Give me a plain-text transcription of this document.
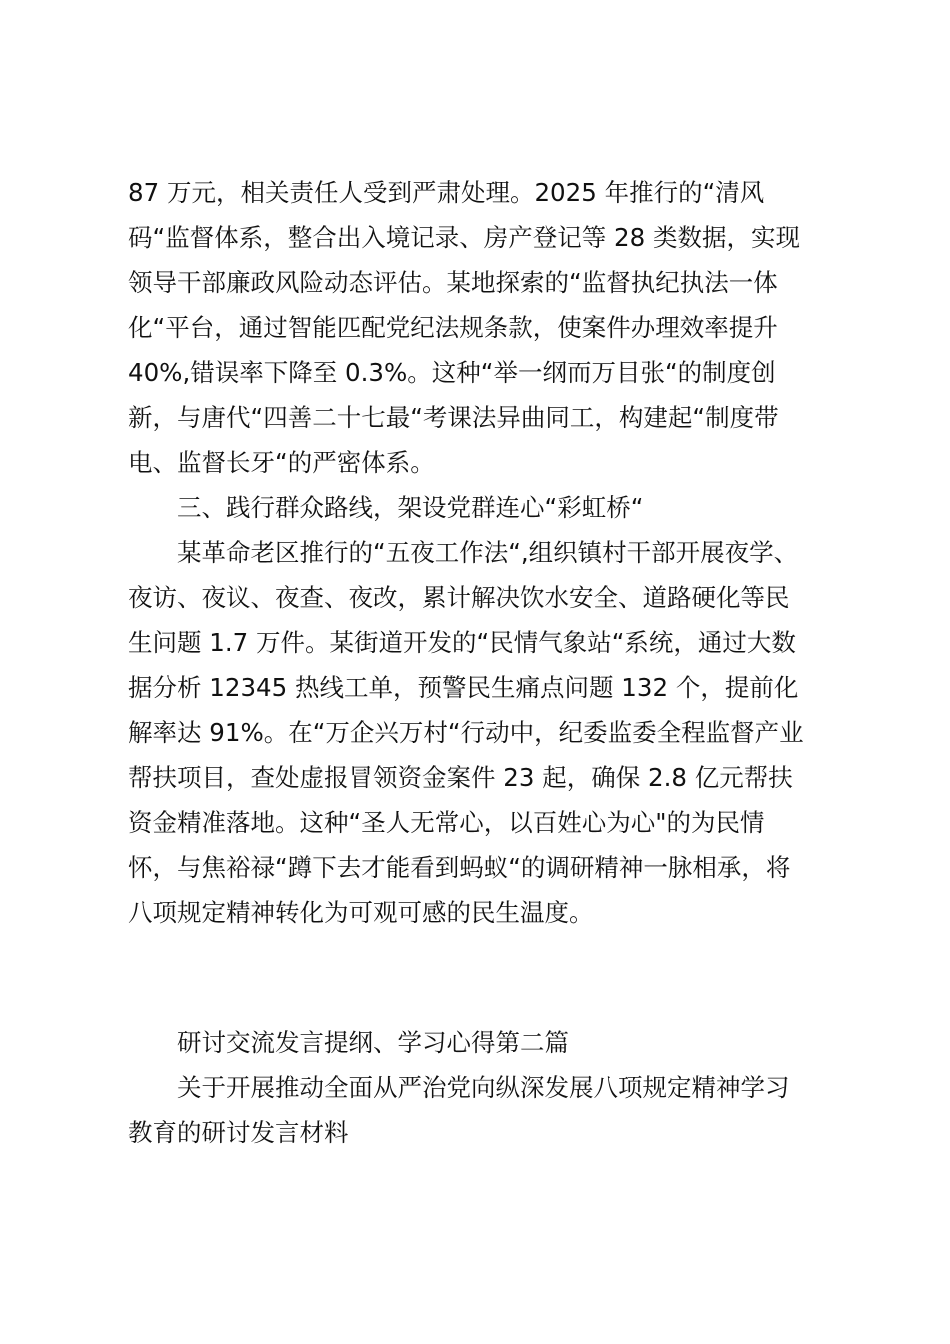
87 万元，相关责任人受到严肃处理。2025 年推行的“清风
码“监督体系，整合出入境记录、房产登记等 28 类数据，实现
领导干部廉政风险动态评估。某地探索的“监督执纪执法一体
化“平台，通过智能匹配党纪法规条款，使案件办理效率提升
40%,错误率下降至 0.3%。这种“举一纲而万目张“的制度创
新，与唐代“四善二十七最“考课法异曲同工，构建起“制度带
电、监督长牙“的严密体系。
三、践行群众路线，架设党群连心“彩虹桥“
某革命老区推行的“五夜工作法“,组织镇村干部开展夜学、
夜访、夜议、夜查、夜改，累计解决饮水安全、道路硬化等民
生问题 1.7 万件。某街道开发的“民情气象站“系统，通过大数
据分析 12345 热线工单，预警民生痛点问题 132 个，提前化
解率达 91%。在“万企兴万村“行动中，纪委监委全程监督产业
帮扶项目，查处虚报冒领资金案件 23 起，确保 2.8 亿元帮扶
资金精准落地。这种“圣人无常心，以百姓心为心"的为民情
怀，与焦裕禄“蹲下去才能看到蚂蚁“的调研精神一脉相承，将
八项规定精神转化为可观可感的民生温度。
研讨交流发言提纲、学习心得第二篇
关于开展推动全面从严治党向纵深发展八项规定精神学习
教育的研讨发言材料
